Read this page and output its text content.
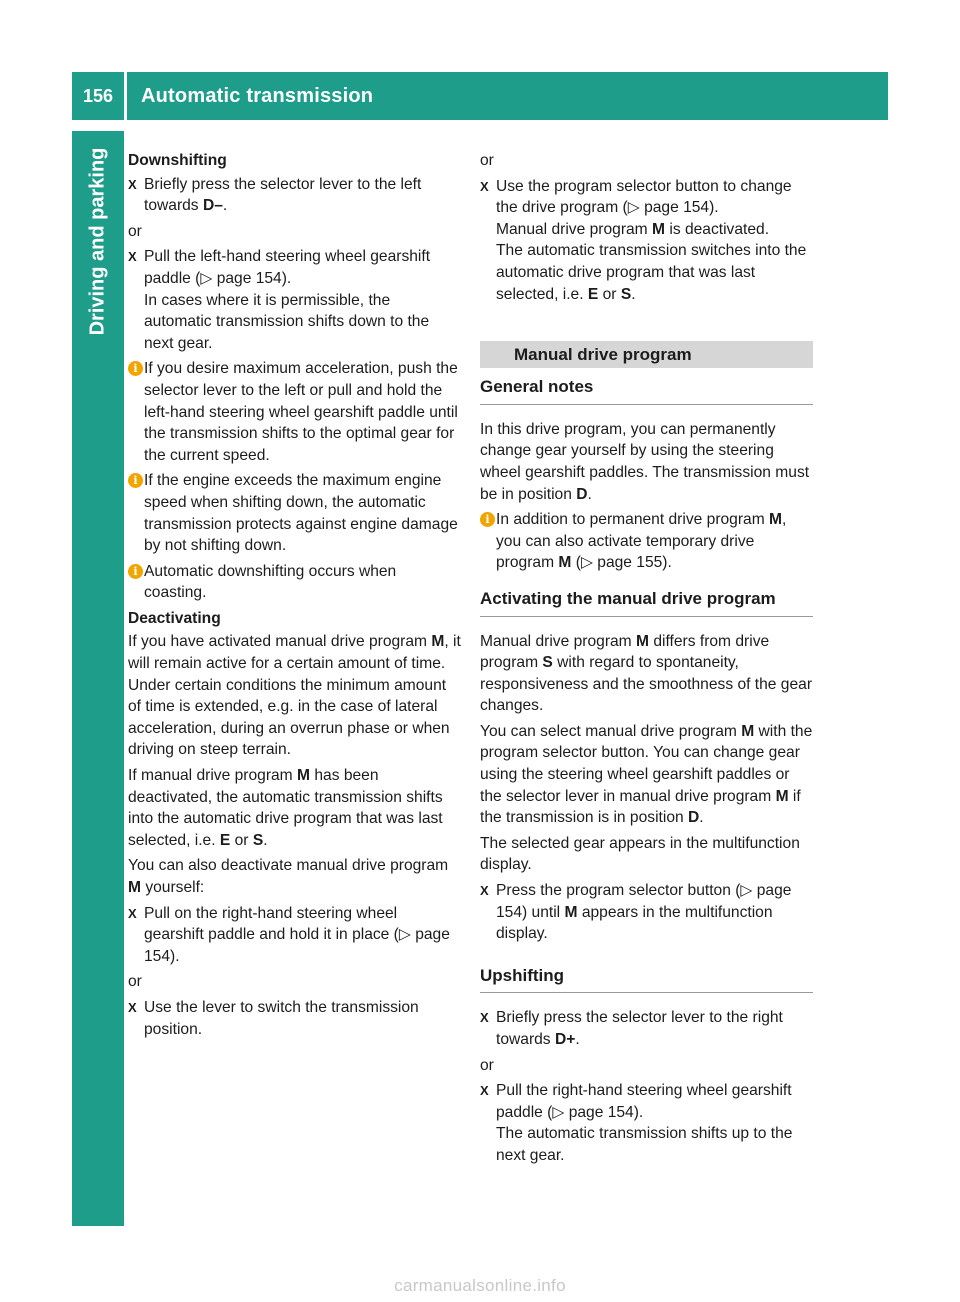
156	Automatic transmission
Driving and parking Downshifting

X Briefly press the selector lever to the left towards D–.

or

X Pull the left-hand steering wheel gearshift paddle (▷ page 154).
In cases where it is permissible, the automatic transmission shifts down to the next gear.
i If you desire maximum acceleration, push the selector lever to the left or pull and hold the left-hand steering wheel gearshift paddle until the transmission shifts to the optimal gear for the current speed.
i If the engine exceeds the maximum engine speed when shifting down, the automatic transmission protects against engine damage by not shifting down.
i Automatic downshifting occurs when coasting.

Deactivating

If you have activated manual drive program M, it will remain active for a certain amount of time. Under certain conditions the minimum amount of time is extended, e.g. in the case of lateral acceleration, during an overrun phase or when driving on steep terrain.

If manual drive program M has been deactivated, the automatic transmission shifts into the automatic drive program that was last selected, i.e. E or S.

You can also deactivate manual drive program M yourself:

X Pull on the right-hand steering wheel gearshift paddle and hold it in place (▷ page 154).

or

X Use the lever to switch the transmission position.

or

X Use the program selector button to change the drive program (▷ page 154).
Manual drive program M is deactivated.
The automatic transmission switches into the automatic drive program that was last selected, i.e. E or S.

Manual drive program

General notes

In this drive program, you can permanently change gear yourself by using the steering wheel gearshift paddles. The transmission must be in position D.

i In addition to permanent drive program M, you can also activate temporary drive program M (▷ page 155).

Activating the manual drive program

Manual drive program M differs from drive program S with regard to spontaneity, responsiveness and the smoothness of the gear changes.

You can select manual drive program M with the program selector button. You can change gear using the steering wheel gearshift paddles or the selector lever in manual drive program M if the transmission is in position D.

The selected gear appears in the multifunction display.

X Press the program selector button (▷ page 154) until M appears in the multifunction display.

Upshifting

X Briefly press the selector lever to the right towards D+.

or

X Pull the right-hand steering wheel gearshift paddle (▷ page 154).
The automatic transmission shifts up to the next gear.
carmanualsonline.info
